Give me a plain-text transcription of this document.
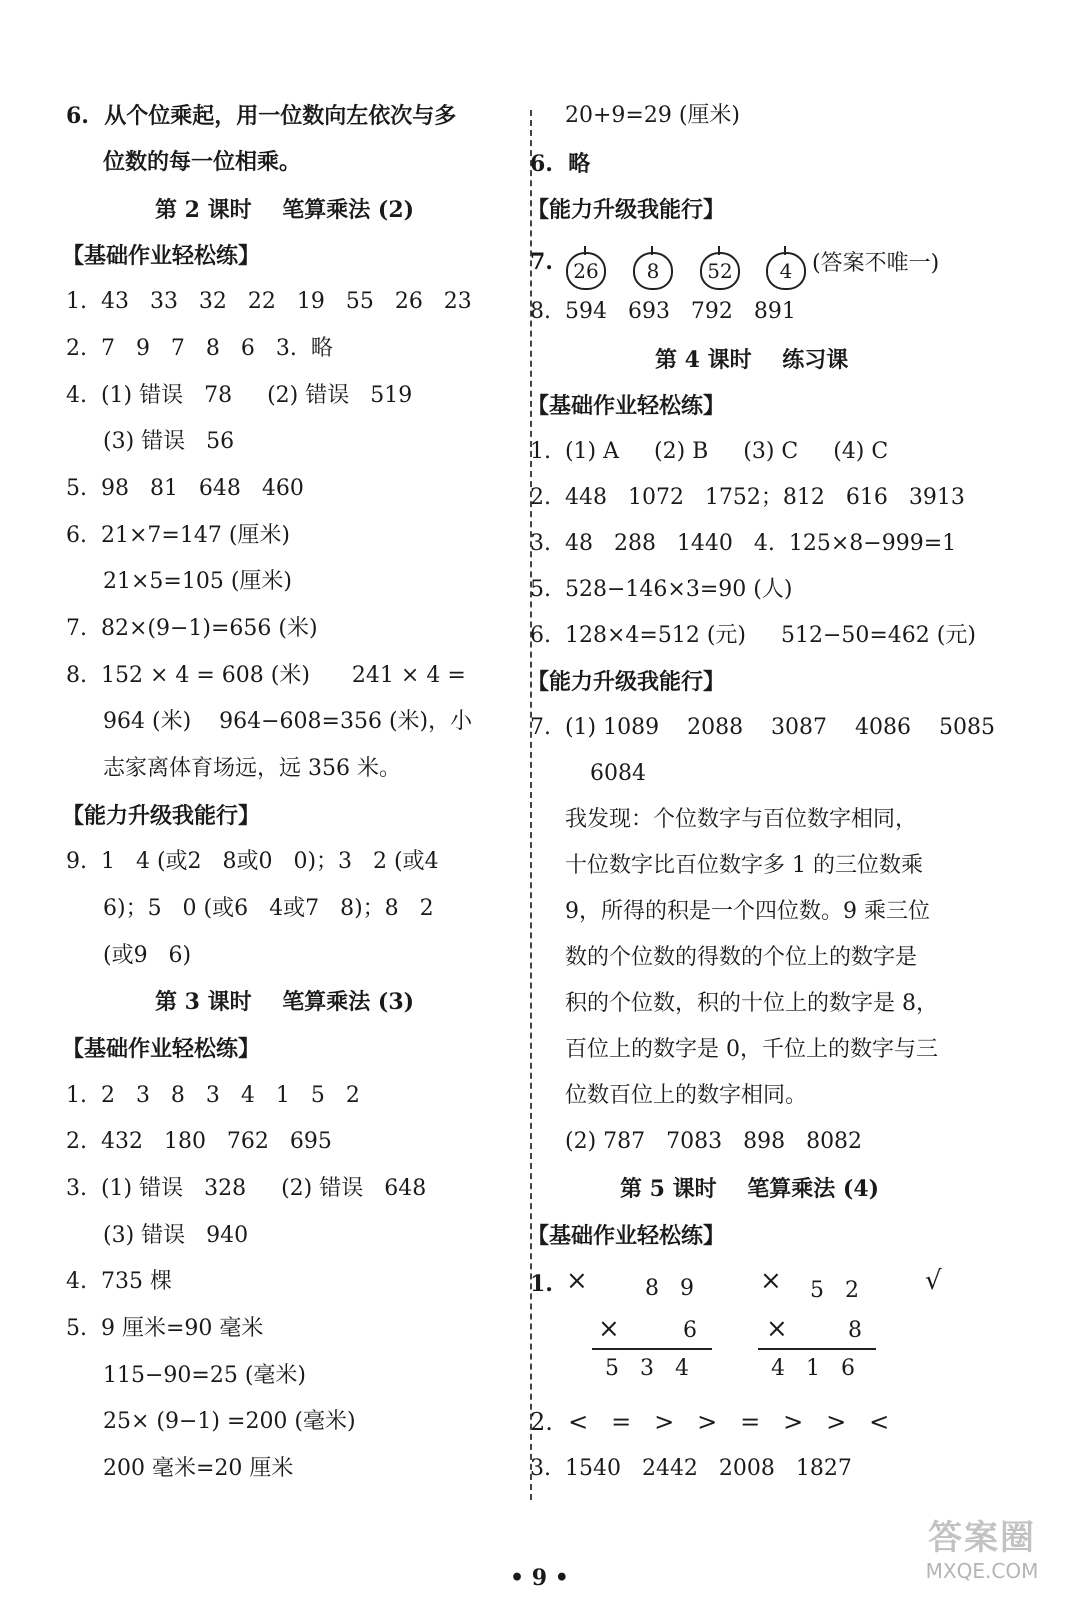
6.  从个位乘起，用一位数向左依次与多
位数的每一位相乘。
第 2 课时    笔算乘法 (2)
【基础作业轻松练】
1.  43   33   32   22   19   55   26   23
2.  7   9   7   8   6   3.  略
4.  (1) 错误   78     (2) 错误   519
(3) 错误   56
5.  98   81   648   460
6.  21×7=147 (厘米)
21×5=105 (厘米)
7.  82×(9−1)=656 (米)
8.  152 × 4 = 608 (米)      241 × 4 =
964 (米)    964−608=356 (米)，小
志家离体育场远，远 356 米。
【能力升级我能行】
9.  1   4 (或2   8或0   0)；3   2 (或4
6)；5   0 (或6   4或7   8)；8   2
(或9   6)
第 3 课时    笔算乘法 (3)
【基础作业轻松练】
1.  2   3   8   3   4   1   5   2
2.  432   180   762   695
3.  (1) 错误   328     (2) 错误   648
(3) 错误   940
4.  735 棵
5.  9 厘米=90 毫米
115−90=25 (毫米)
25× (9−1) =200 (毫米)
200 毫米=20 厘米
20+9=29 (厘米)
6.  略
【能力升级我能行】
7.	26	8	52	4 (答案不唯一)
8.  594   693   792   891
第 4 课时    练习课
【基础作业轻松练】
1.  (1) A     (2) B     (3) C     (4) C
2.  448   1072   1752；812   616   3913
3.  48   288   1440   4.  125×8−999=1
5.  528−146×3=90 (人)
6.  128×4=512 (元)     512−50=462 (元)
【能力升级我能行】
7.  (1) 1089    2088    3087    4086    5085
6084
我发现：个位数字与百位数字相同，
十位数字比百位数字多 1 的三位数乘
9，所得的积是一个四位数。9 乘三位
数的个位数的得数的个位上的数字是
积的个位数，积的十位上的数字是 8，
百位上的数字是 0，千位上的数字与三
位数百位上的数字相同。
(2) 787   7083   898   8082
第 5 课时    笔算乘法 (4)
【基础作业轻松练】
1. ×	8   9
×	6
5   3   4
× 5   2
×	8
4   1   6
√
2.  <   =   >   >   =   >   >   <
3.  1540   2442   2008   1827
• 9 •
答案圈
MXQE.COM
